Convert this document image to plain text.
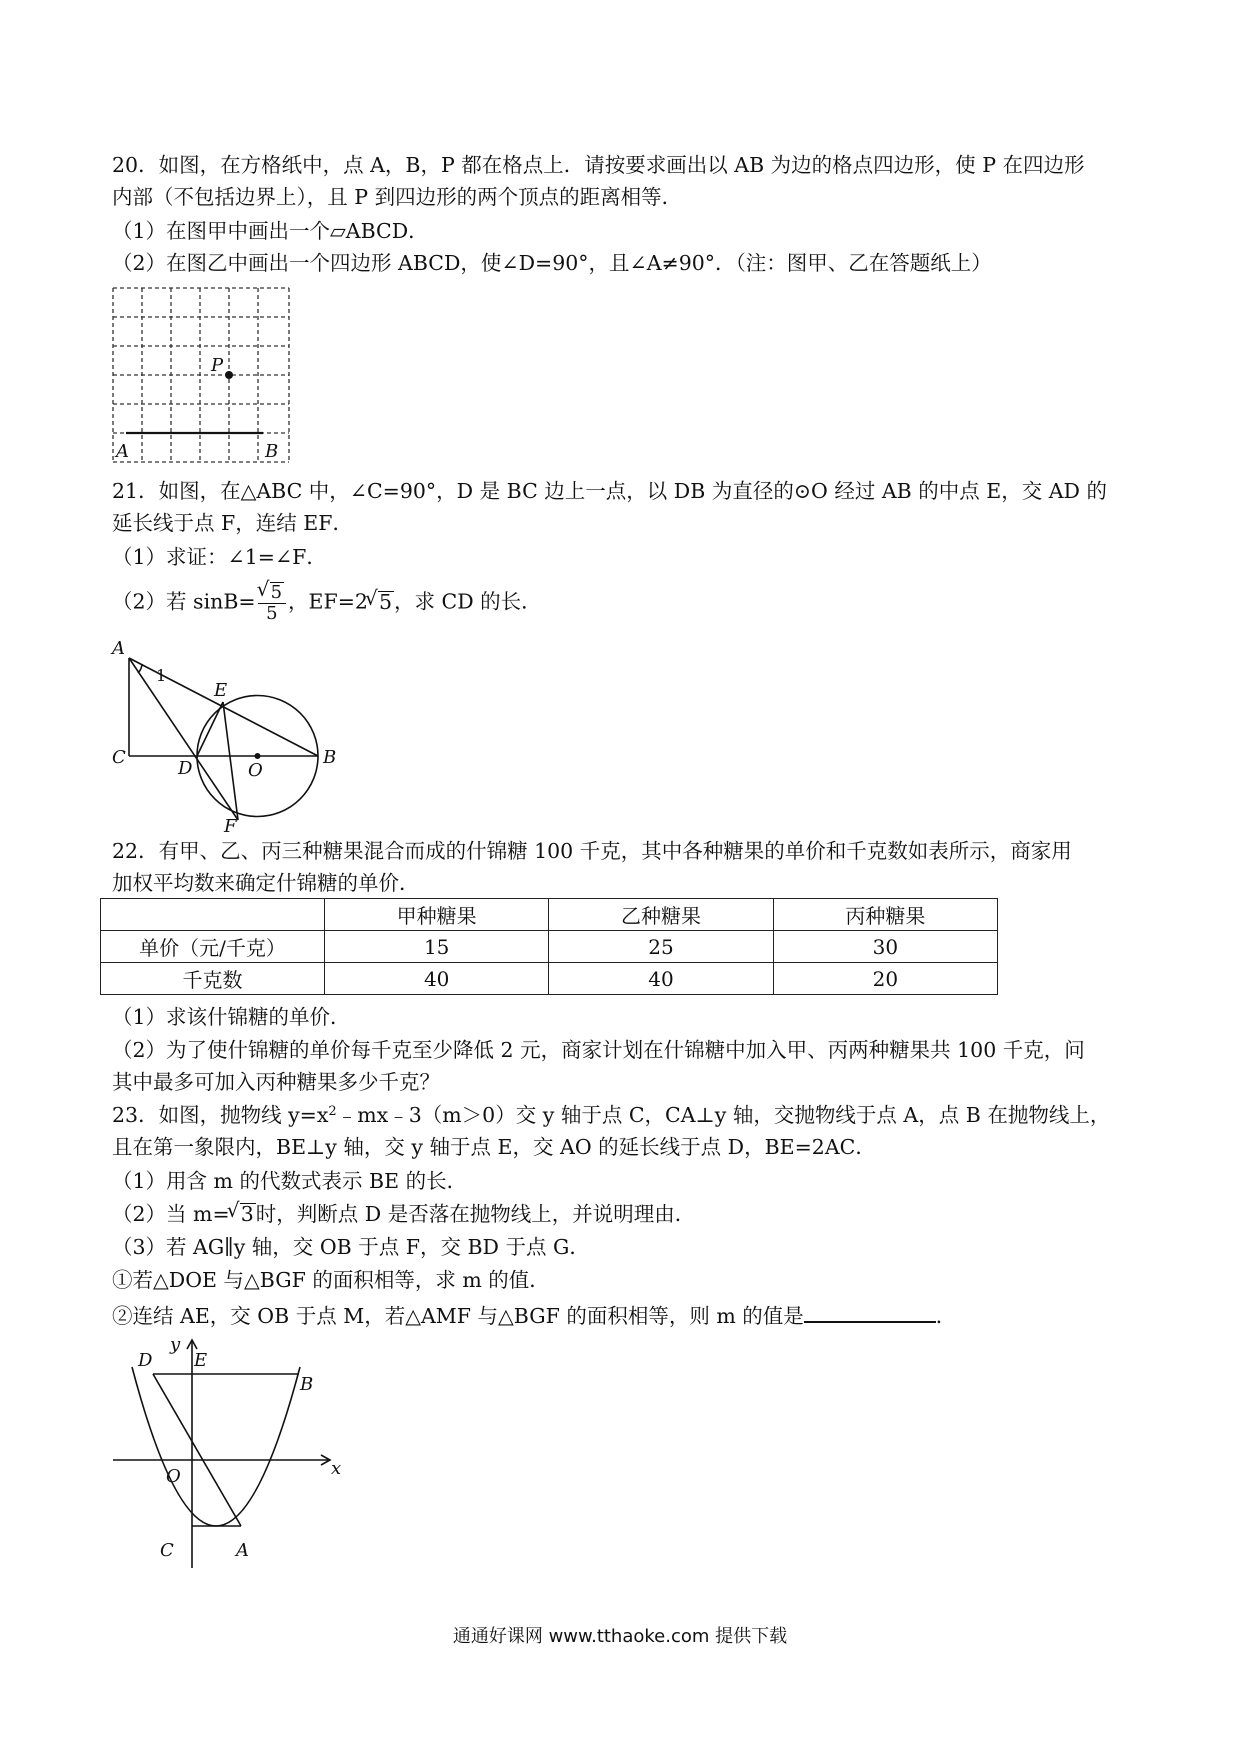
20．如图，在方格纸中，点 A，B，P 都在格点上．请按要求画出以 AB 为边的格点四边形，使 P 在四边形
内部（不包括边界上），且 P 到四边形的两个顶点的距离相等．
（1）在图甲中画出一个▱ABCD．
（2）在图乙中画出一个四边形 ABCD，使∠D=90°，且∠A≠90°．（注：图甲、乙在答题纸上）
P
A	B
21．如图，在△ABC 中，∠C=90°，D 是 BC 边上一点，以 DB 为直径的⊙O 经过 AB 的中点 E，交 AD 的
延长线于点 F，连结 EF．
（1）求证：∠1=∠F．
（2）若 sinB= √ $\frac{5}{5}$ ，EF=2 √ 5，求 CD 的长．
A
1
E
C
D	O
B
F
22．有甲、乙、丙三种糖果混合而成的什锦糖 100 千克，其中各种糖果的单价和千克数如表所示，商家用
加权平均数来确定什锦糖的单价．
	甲种糖果	乙种糖果	丙种糖果
单价（元/千克）	15	25	30
千克数	40	40	20
（1）求该什锦糖的单价．
（2）为了使什锦糖的单价每千克至少降低 2 元，商家计划在什锦糖中加入甲、丙两种糖果共 100 千克，问
其中最多可加入丙种糖果多少千克？
23．如图，抛物线 $y=x^2﹣mx﹣3(m>0)$交 y 轴于点 C，CA⊥y 轴，交抛物线于点 A，点 B 在抛物线上，
且在第一象限内，BE⊥y 轴，交 y 轴于点 E，交 AO 的延长线于点 D，BE=2AC．
（1）用含 m 的代数式表示 BE 的长．
（2）当 m= √ 3时，判断点 D 是否落在抛物线上，并说明理由．
（3）若 AG∥y 轴，交 OB 于点 F，交 BD 于点 G．
①若△DOE 与△BGF 的面积相等，求 m 的值．
②连结 AE，交 OB 于点 M，若△AMF 与△BGF 的面积相等，则 m 的值是	．
y
x
D E
B
O
C	A
通通好课网 www.tthaoke.com 提供下载
